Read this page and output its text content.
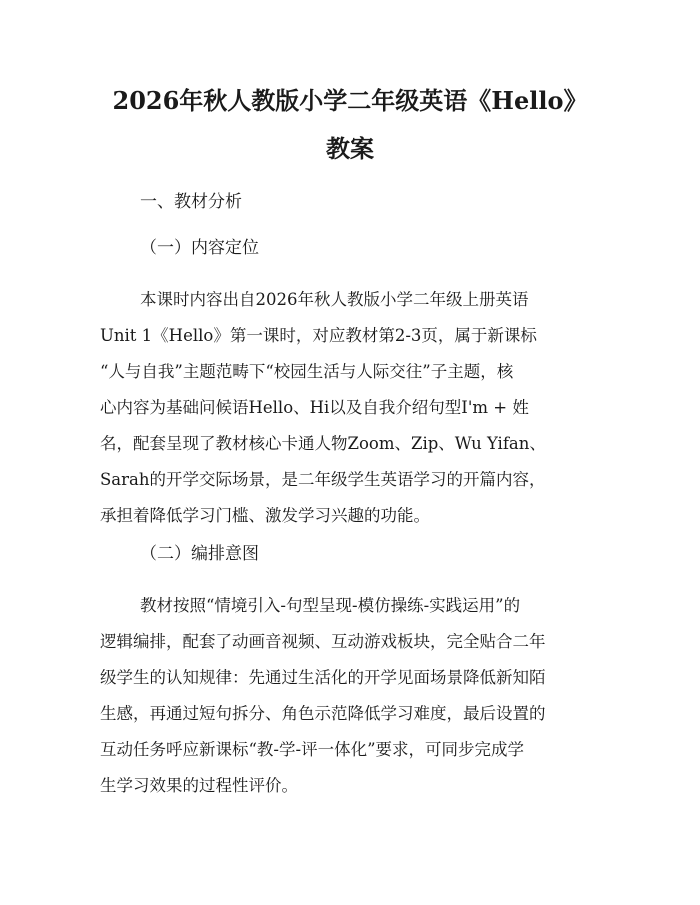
2026年秋人教版小学二年级英语《Hello》
教案

一、教材分析

（一）内容定位

本课时内容出自2026年秋人教版小学二年级上册英语

Unit 1《Hello》第一课时，对应教材第2-3页，属于新课标

“人与自我”主题范畴下“校园生活与人际交往”子主题，核

心内容为基础问候语Hello、Hi以及自我介绍句型I'm + 姓

名，配套呈现了教材核心卡通人物Zoom、Zip、Wu Yifan、

Sarah的开学交际场景，是二年级学生英语学习的开篇内容，

承担着降低学习门槛、激发学习兴趣的功能。

（二）编排意图

教材按照“情境引入-句型呈现-模仿操练-实践运用”的

逻辑编排，配套了动画音视频、互动游戏板块，完全贴合二年

级学生的认知规律：先通过生活化的开学见面场景降低新知陌

生感，再通过短句拆分、角色示范降低学习难度，最后设置的

互动任务呼应新课标“教-学-评一体化”要求，可同步完成学

生学习效果的过程性评价。
